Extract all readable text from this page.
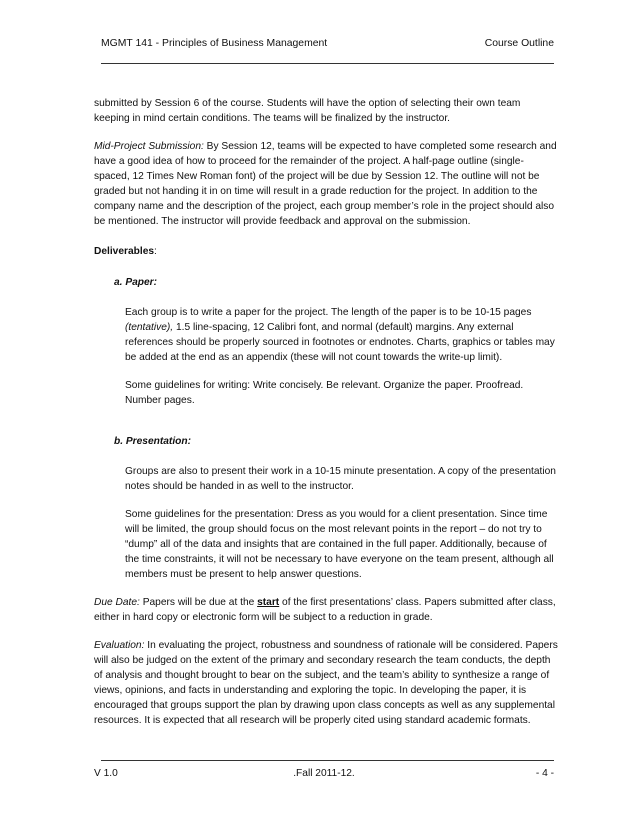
MGMT 141 - Principles of Business Management	Course Outline

submitted by Session 6 of the course. Students will have the option of selecting their own team keeping in mind certain conditions. The teams will be finalized by the instructor.

Mid-Project Submission: By Session 12, teams will be expected to have completed some research and have a good idea of how to proceed for the remainder of the project. A half-page outline (single-spaced, 12 Times New Roman font) of the project will be due by Session 12. The outline will not be graded but not handing it in on time will result in a grade reduction for the project. In addition to the company name and the description of the project, each group member’s role in the project should also be mentioned. The instructor will provide feedback and approval on the submission.

Deliverables:

a. Paper:

Each group is to write a paper for the project. The length of the paper is to be 10-15 pages (tentative), 1.5 line-spacing, 12 Calibri font, and normal (default) margins. Any external references should be properly sourced in footnotes or endnotes. Charts, graphics or tables may be added at the end as an appendix (these will not count towards the write-up limit).

Some guidelines for writing: Write concisely. Be relevant. Organize the paper. Proofread. Number pages.

b. Presentation:

Groups are also to present their work in a 10-15 minute presentation. A copy of the presentation notes should be handed in as well to the instructor.

Some guidelines for the presentation: Dress as you would for a client presentation. Since time will be limited, the group should focus on the most relevant points in the report – do not try to “dump” all of the data and insights that are contained in the full paper. Additionally, because of the time constraints, it will not be necessary to have everyone on the team present, although all members must be present to help answer questions.

Due Date: Papers will be due at the start of the first presentations’ class. Papers submitted after class, either in hard copy or electronic form will be subject to a reduction in grade.

Evaluation: In evaluating the project, robustness and soundness of rationale will be considered. Papers will also be judged on the extent of the primary and secondary research the team conducts, the depth of analysis and thought brought to bear on the subject, and the team’s ability to synthesize a range of views, opinions, and facts in understanding and exploring the topic. In developing the paper, it is encouraged that groups support the plan by drawing upon class concepts as well as any supplemental resources. It is expected that all research will be properly cited using standard academic formats.

V 1.0	.Fall 2011-12.	- 4 -
